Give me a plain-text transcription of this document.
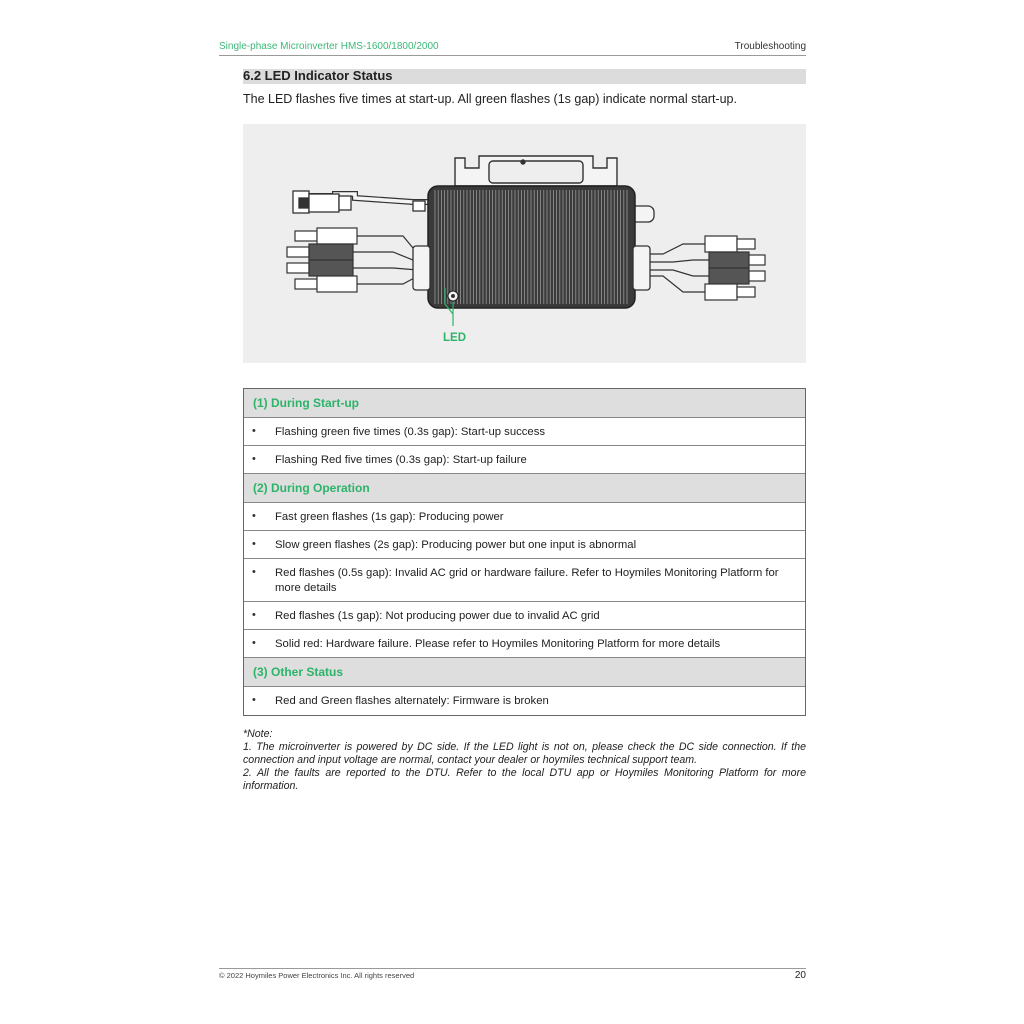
Single-phase Microinverter HMS-1600/1800/2000	Troubleshooting
6.2 LED Indicator Status
The LED flashes five times at start-up. All green flashes (1s gap) indicate normal start-up.
LED
(1) During Start-up
• Flashing green five times (0.3s gap): Start-up success
• Flashing Red five times (0.3s gap): Start-up failure
(2) During Operation
• Fast green flashes (1s gap): Producing power
• Slow green flashes (2s gap): Producing power but one input is abnormal
• Red flashes (0.5s gap): Invalid AC grid or hardware failure. Refer to Hoymiles Monitoring Platform for more details
• Red flashes (1s gap): Not producing power due to invalid AC grid
• Solid red: Hardware failure. Please refer to Hoymiles Monitoring Platform for more details
(3) Other Status
• Red and Green flashes alternately: Firmware is broken

*Note:

1. The microinverter is powered by DC side. If the LED light is not on, please check the DC side connection. If the connection and input voltage are normal, contact your dealer or hoymiles technical support team.

2. All the faults are reported to the DTU. Refer to the local DTU app or Hoymiles Monitoring Platform for more information.

© 2022 Hoymiles Power Electronics Inc. All rights reserved	20
